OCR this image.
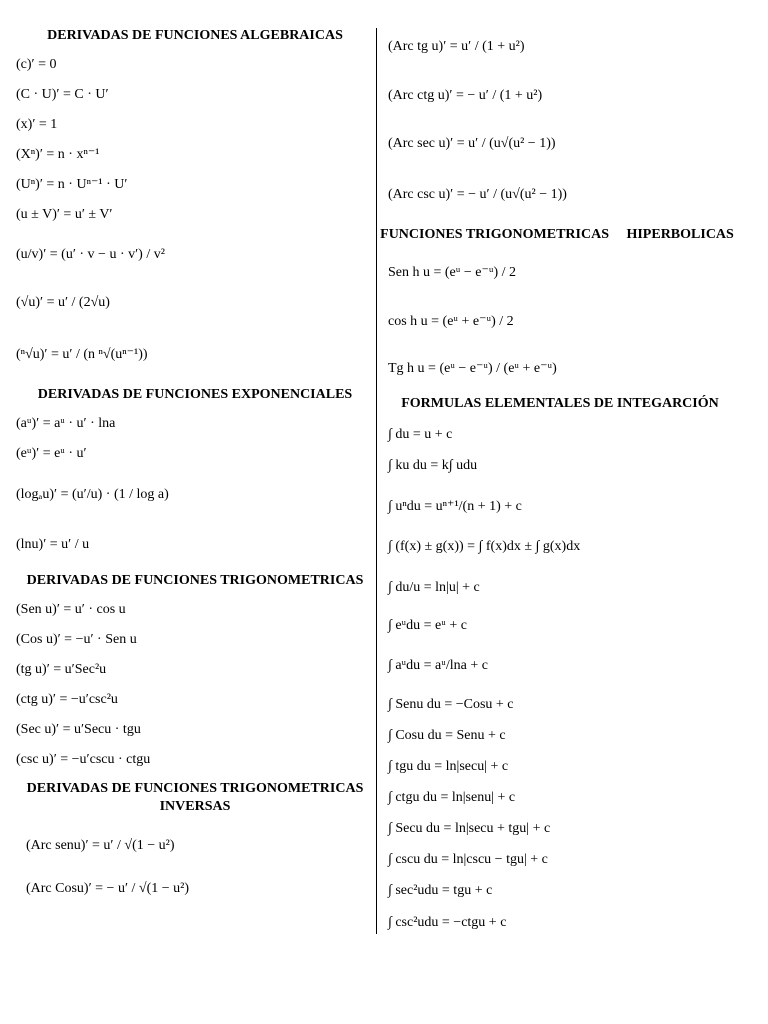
DERIVADAS DE FUNCIONES ALGEBRAICAS
(c)′ = 0
(C · U)′ = C · U′
(x)′ = 1
(Xⁿ)′ = n · xⁿ⁻¹
(Uⁿ)′ = n · Uⁿ⁻¹ · U′
(u ± V)′ = u′ ± V′
(u/v)′ = (u′ · v − u · v′) / v²
(√u)′ = u′ / (2√u)
(ⁿ√u)′ = u′ / (n ⁿ√(uⁿ⁻¹))
DERIVADAS DE FUNCIONES EXPONENCIALES
(aᵘ)′ = aᵘ · u′ · lna
(eᵘ)′ = eᵘ · u′
(logₐu)′ = (u′/u) · (1 / log a)
(lnu)′ = u′ / u
DERIVADAS DE FUNCIONES TRIGONOMETRICAS
(Sen u)′ = u′ · cos u
(Cos u)′ = −u′ · Sen u
(tg u)′ = u′Sec²u
(ctg u)′ = −u′csc²u
(Sec u)′ = u′Secu · tgu
(csc u)′ = −u′cscu · ctgu
DERIVADAS DE FUNCIONES TRIGONOMETRICAS
INVERSAS
(Arc senu)′ = u′ / √(1 − u²)
(Arc Cosu)′ = − u′ / √(1 − u²)
(Arc tg u)′ = u′ / (1 + u²)
(Arc ctg u)′ = − u′ / (1 + u²)
(Arc sec u)′ = u′ / (u√(u² − 1))
(Arc csc u)′ = − u′ / (u√(u² − 1))
FUNCIONES TRIGONOMETRICAS     HIPERBOLICAS
Sen h u = (eᵘ − e⁻ᵘ) / 2
cos h u = (eᵘ + e⁻ᵘ) / 2
Tg h u = (eᵘ − e⁻ᵘ) / (eᵘ + e⁻ᵘ)
FORMULAS ELEMENTALES DE INTEGARCIÓN
∫ du = u + c
∫ ku du = k∫ udu
∫ uⁿdu = uⁿ⁺¹/(n + 1) + c
∫ (f(x) ± g(x)) = ∫ f(x)dx ± ∫ g(x)dx
∫ du/u = ln|u| + c
∫ eᵘdu = eᵘ + c
∫ aᵘdu = aᵘ/lna + c
∫ Senu du = −Cosu + c
∫ Cosu du = Senu + c
∫ tgu du = ln|secu| + c
∫ ctgu du = ln|senu| + c
∫ Secu du = ln|secu + tgu| + c
∫ cscu du = ln|cscu − tgu| + c
∫ sec²udu = tgu + c
∫ csc²udu = −ctgu + c
